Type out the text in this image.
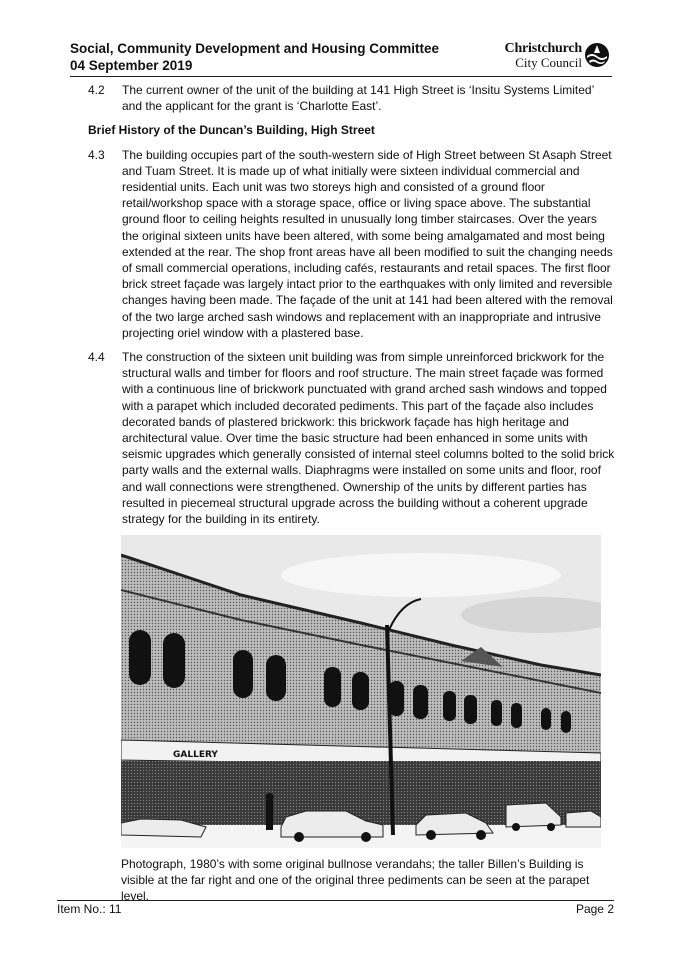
Social, Community Development and Housing Committee
04 September 2019
Christchurch
City Council
4.2 The current owner of the unit of the building at 141 High Street is ‘Insitu Systems Limited’ and the applicant for the grant is ‘Charlotte East’.
Brief History of the Duncan’s Building, High Street
4.3 The building occupies part of the south-western side of High Street between St Asaph Street and Tuam Street. It is made up of what initially were sixteen individual commercial and residential units. Each unit was two storeys high and consisted of a ground floor retail/workshop space with a storage space, office or living space above. The substantial ground floor to ceiling heights resulted in unusually long timber staircases. Over the years the original sixteen units have been altered, with some being amalgamated and most being extended at the rear. The shop front areas have all been modified to suit the changing needs of small commercial operations, including cafés, restaurants and retail spaces. The first floor brick street façade was largely intact prior to the earthquakes with only limited and reversible changes having been made. The façade of the unit at 141 had been altered with the removal of the two large arched sash windows and replacement with an inappropriate and intrusive projecting oriel window with a plastered base.
4.4 The construction of the sixteen unit building was from simple unreinforced brickwork for the structural walls and timber for floors and roof structure. The main street façade was formed with a continuous line of brickwork punctuated with grand arched sash windows and topped with a parapet which included decorated pediments. This part of the façade also includes decorated bands of plastered brickwork: this brickwork façade has high heritage and architectural value. Over time the basic structure had been enhanced in some units with seismic upgrades which generally consisted of internal steel columns bolted to the solid brick party walls and the external walls. Diaphragms were installed on some units and floor, roof and wall connections were strengthened. Ownership of the units by different parties has resulted in piecemeal structural upgrade across the building without a coherent upgrade strategy for the building in its entirety.
GALLERY
Photograph, 1980’s with some original bullnose verandahs; the taller Billen’s Building is visible at the far right and one of the original three pediments can be seen at the parapet level.
Item No.: 11	Page 2
